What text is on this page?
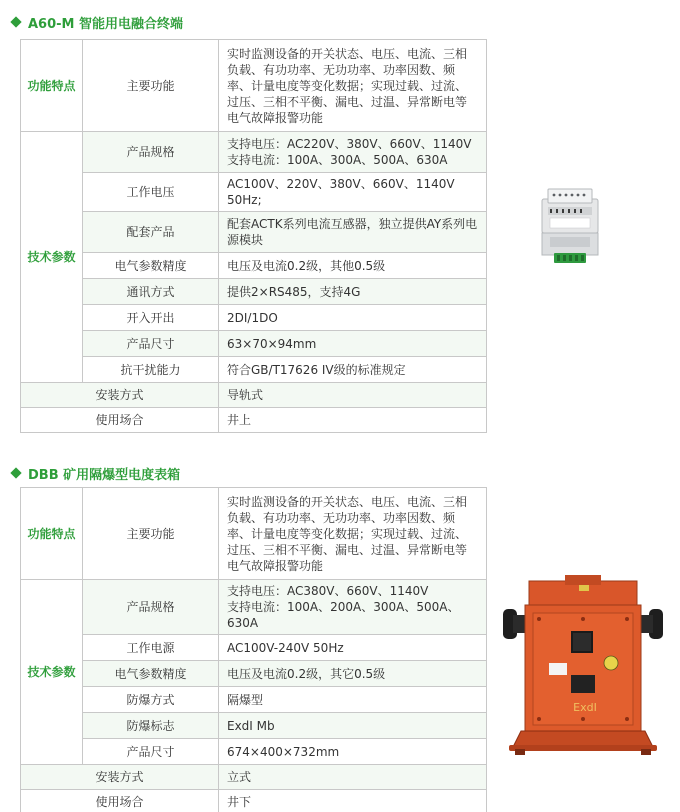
A60-M 智能用电融合终端
功能特点	主要功能	实时监测设备的开关状态、电压、电流、三相负载、有功功率、无功功率、功率因数、频率、计量电度等变化数据；实现过载、过流、过压、三相不平衡、漏电、过温、异常断电等电气故障报警功能
技术参数	产品规格	支持电压：AC220V、380V、660V、1140V
支持电流：100A、300A、500A、630A
	工作电压	AC100V、220V、380V、660V、1140V 50Hz;
	配套产品	配套ACTK系列电流互感器，独立提供AY系列电源模块
	电气参数精度	电压及电流0.2级，其他0.5级
	通讯方式	提供2×RS485，支持4G
	开入开出	2DI/1DO
	产品尺寸	63×70×94mm
	抗干扰能力	符合GB/T17626 IV级的标准规定
安装方式		导轨式
使用场合		井上
DBB 矿用隔爆型电度表箱
功能特点	主要功能	实时监测设备的开关状态、电压、电流、三相负载、有功功率、无功功率、功率因数、频率、计量电度等变化数据；实现过载、过流、过压、三相不平衡、漏电、过温、异常断电等电气故障报警功能
技术参数	产品规格	支持电压：AC380V、660V、1140V
支持电流：100A、200A、300A、500A、630A
	工作电源	AC100V-240V 50Hz
	电气参数精度	电压及电流0.2级，其它0.5级
	防爆方式	隔爆型
	防爆标志	ExdI Mb
	产品尺寸	674×400×732mm
安装方式		立式
使用场合		井下
ExdI
